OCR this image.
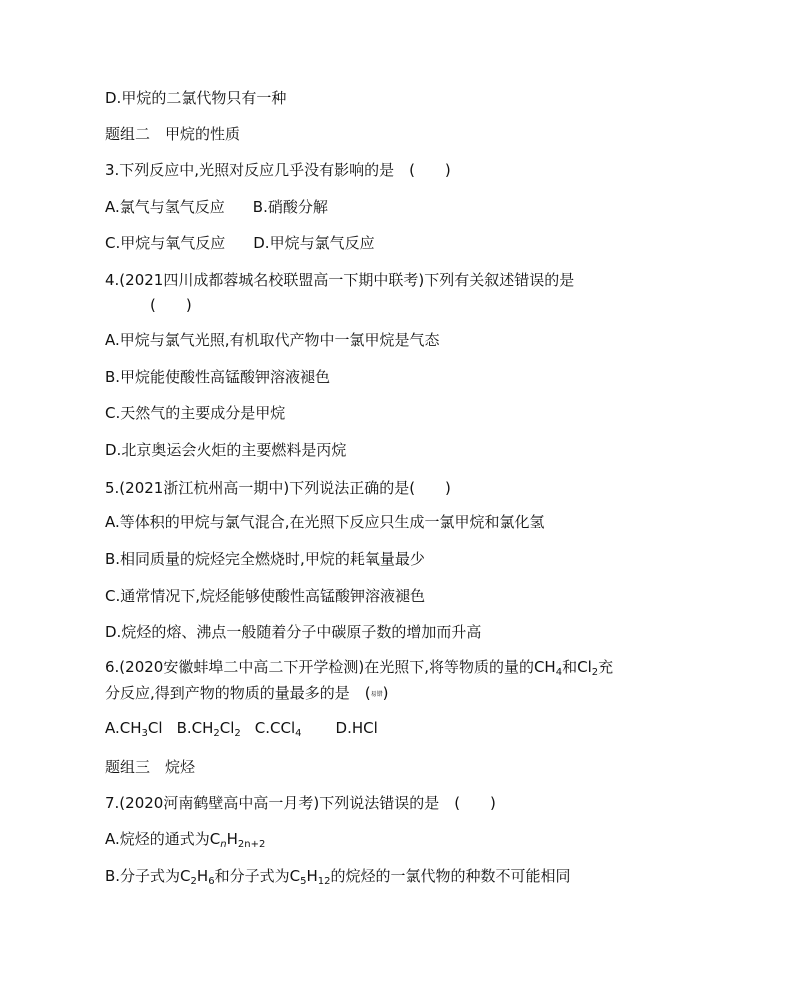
D.甲烷的二氯代物只有一种
题组二　甲烷的性质
3.下列反应中,光照对反应几乎没有影响的是　(　　)
A.氯气与氢气反应 B.硝酸分解
C.甲烷与氧气反应 D.甲烷与氯气反应
4.(2021四川成都蓉城名校联盟高一下期中联考)下列有关叙述错误的是
(　　)
A.甲烷与氯气光照,有机取代产物中一氯甲烷是气态
B.甲烷能使酸性高锰酸钾溶液褪色
C.天然气的主要成分是甲烷
D.北京奥运会火炬的主要燃料是丙烷
5.(2021浙江杭州高一期中)下列说法正确的是(　　)
A.等体积的甲烷与氯气混合,在光照下反应只生成一氯甲烷和氯化氢
B.相同质量的烷烃完全燃烧时,甲烷的耗氧量最少
C.通常情况下,烷烃能够使酸性高锰酸钾溶液褪色
D.烷烃的熔、沸点一般随着分子中碳原子数的增加而升高
6.(2020安徽蚌埠二中高二下开学检测)在光照下,将等物质的量的$CH_4$和$Cl_2$充
分反应,得到产物的物质的量最多的是　(易错)
$A.CH_3Cl$ $B.CH_2Cl_2$ C.CCl$_4$ D.HCl
题组三　烷烃
7.(2020河南鹤壁高中高一月考)下列说法错误的是　(　　)
A.烷烃的通式为$C_nH_{2n+2}$
B.分子式为$C_2H_6$和分子式为$C_5H_{12}$的烷烃的一氯代物的种数不可能相同
